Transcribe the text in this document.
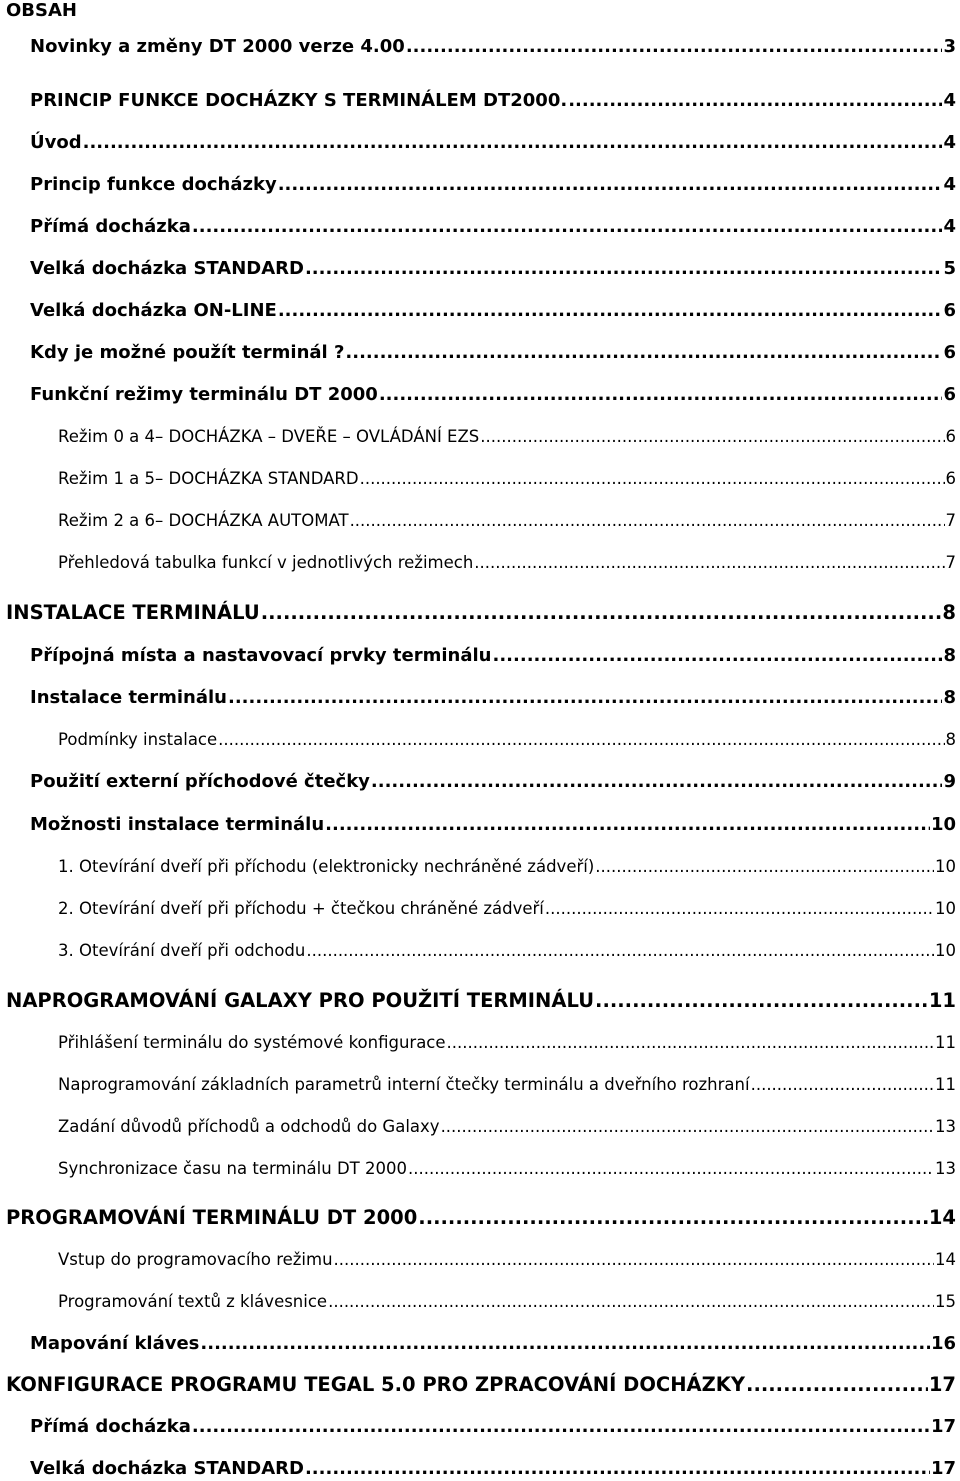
OBSAH
Novinky a změny DT 2000 verze 4.00 .....	3
PRINCIP FUNKCE DOCHÁZKY S TERMINÁLEM DT2000. .....	4
Úvod .....	4
Princip funkce docházky .....	4
Přímá docházka .....	4
Velká docházka STANDARD .....	5
Velká docházka ON-LINE .....	6
Kdy je možné použít terminál ? .....	6
Funkční režimy terminálu DT 2000 .....	6
Režim 0 a 4– DOCHÁZKA – DVEŘE – OVLÁDÁNÍ EZS .....	6
Režim 1 a 5– DOCHÁZKA STANDARD .....	6
Režim 2 a 6– DOCHÁZKA AUTOMAT .....	7
Přehledová tabulka funkcí v jednotlivých režimech .....	7
INSTALACE TERMINÁLU .....	8
Přípojná místa a nastavovací prvky terminálu .....	8
Instalace terminálu .....	8
Podmínky instalace .....	8
Použití externí příchodové čtečky .....	9
Možnosti instalace terminálu .....	10
1. Otevírání dveří při příchodu (elektronicky nechráněné zádveří) .....	10
2. Otevírání dveří při příchodu + čtečkou chráněné zádveří .....	10
3. Otevírání dveří při odchodu .....	10
NAPROGRAMOVÁNÍ GALAXY PRO POUŽITÍ TERMINÁLU .....	11
Přihlášení terminálu do systémové konfigurace .....	11
Naprogramování základních parametrů interní čtečky terminálu a dveřního rozhraní .....	11
Zadání důvodů příchodů a odchodů do Galaxy .....	13
Synchronizace času na terminálu DT 2000 .....	13
PROGRAMOVÁNÍ TERMINÁLU DT 2000 .....	14
Vstup do programovacího režimu .....	14
Programování textů z klávesnice .....	15
Mapování kláves .....	16
KONFIGURACE PROGRAMU TEGAL 5.0 PRO ZPRACOVÁNÍ DOCHÁZKY .....	17
Přímá docházka .....	17
Velká docházka STANDARD .....	17
